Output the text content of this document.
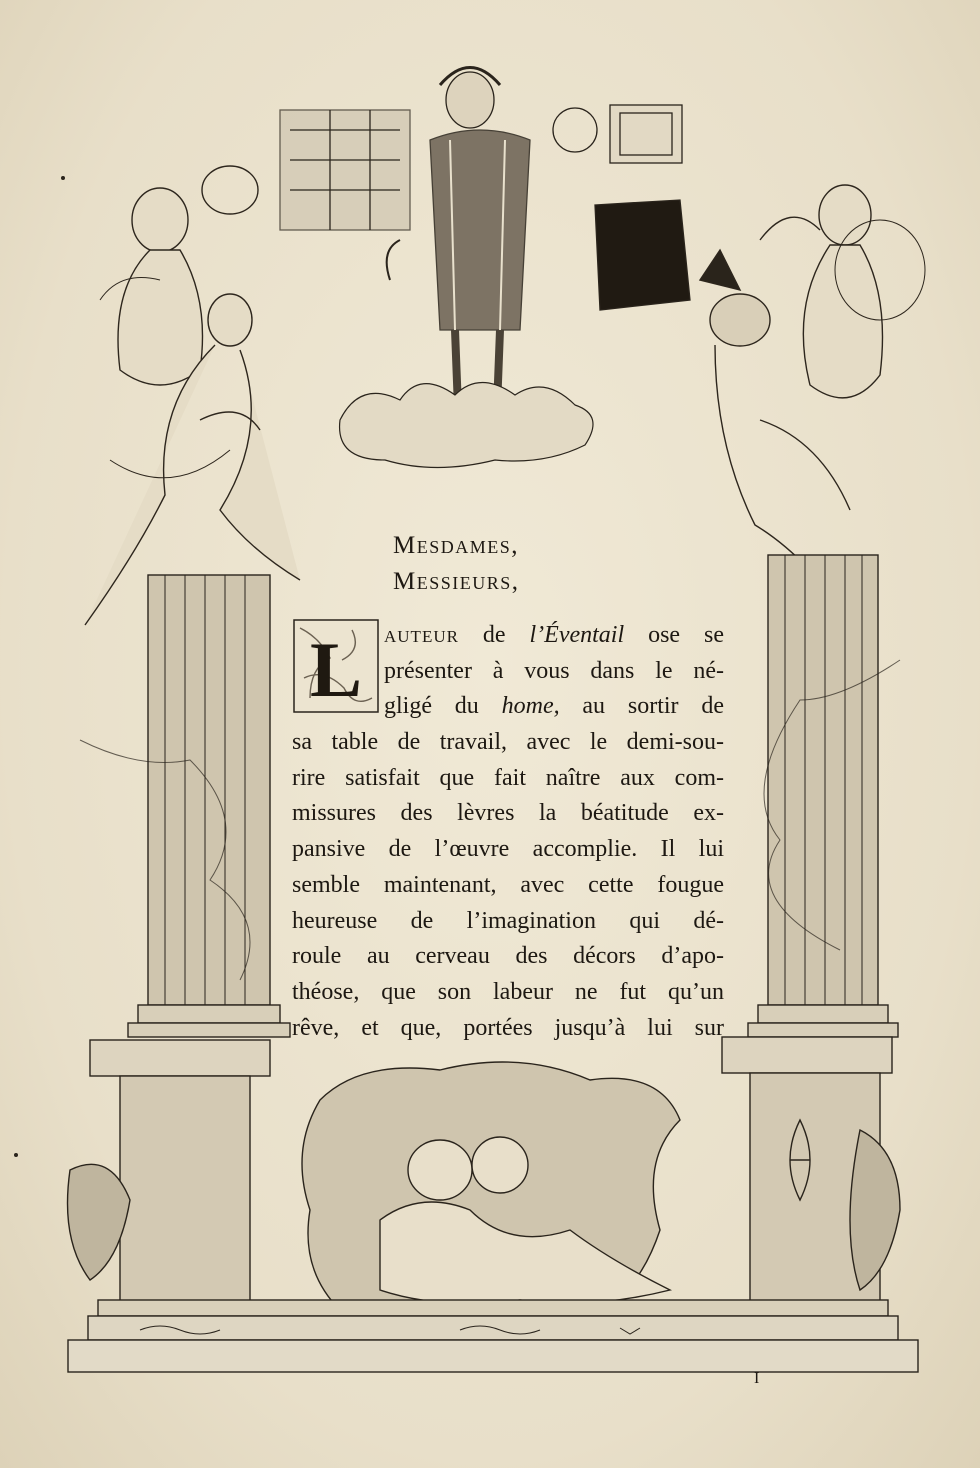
L
Mesdames,
Messieurs,
auteur de l’Éventail ose se
présenter à vous dans le né-
gligé du home, au sortir de
sa table de travail, avec le demi-sou-
rire satisfait que fait naître aux com-
missures des lèvres la béatitude ex-
pansive de l’œuvre accomplie. Il lui
semble maintenant, avec cette fougue
heureuse de l’imagination qui dé-
roule au cerveau des décors d’apo-
théose, que son labeur ne fut qu’un
rêve, et que, portées jusqu’à lui sur
I
